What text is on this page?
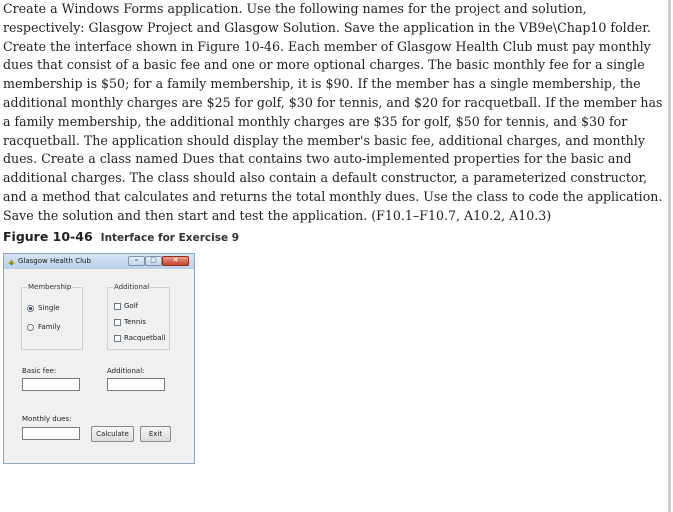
Create a Windows Forms application. Use the following names for the project and solution, respectively: Glasgow Project and Glasgow Solution. Save the application in the VB9e\Chap10 folder. Create the interface shown in Figure 10-46. Each member of Glasgow Health Club must pay monthly dues that consist of a basic fee and one or more optional charges. The basic monthly fee for a single membership is $50; for a family membership, it is $90. If the member has a single membership, the additional monthly charges are $25 for golf, $30 for tennis, and $20 for racquetball. If the member has a family membership, the additional monthly charges are $35 for golf, $50 for tennis, and $30 for racquetball. The application should display the member's basic fee, additional charges, and monthly dues. Create a class named Dues that contains two auto-implemented properties for the basic and additional charges. The class should also contain a default constructor, a parameterized constructor, and a method that calculates and returns the total monthly dues. Use the class to code the application. Save the solution and then start and test the application. (F10.1–F10.7, A10.2, A10.3)

Figure 10-46 Interface for Exercise 9
Glasgow Health Club	–	□	✕
Membership
Single
Family
Additional
Golf
Tennis
Racquetball
Basic fee:	Additional:
Monthly dues:
Calculate	Exit
